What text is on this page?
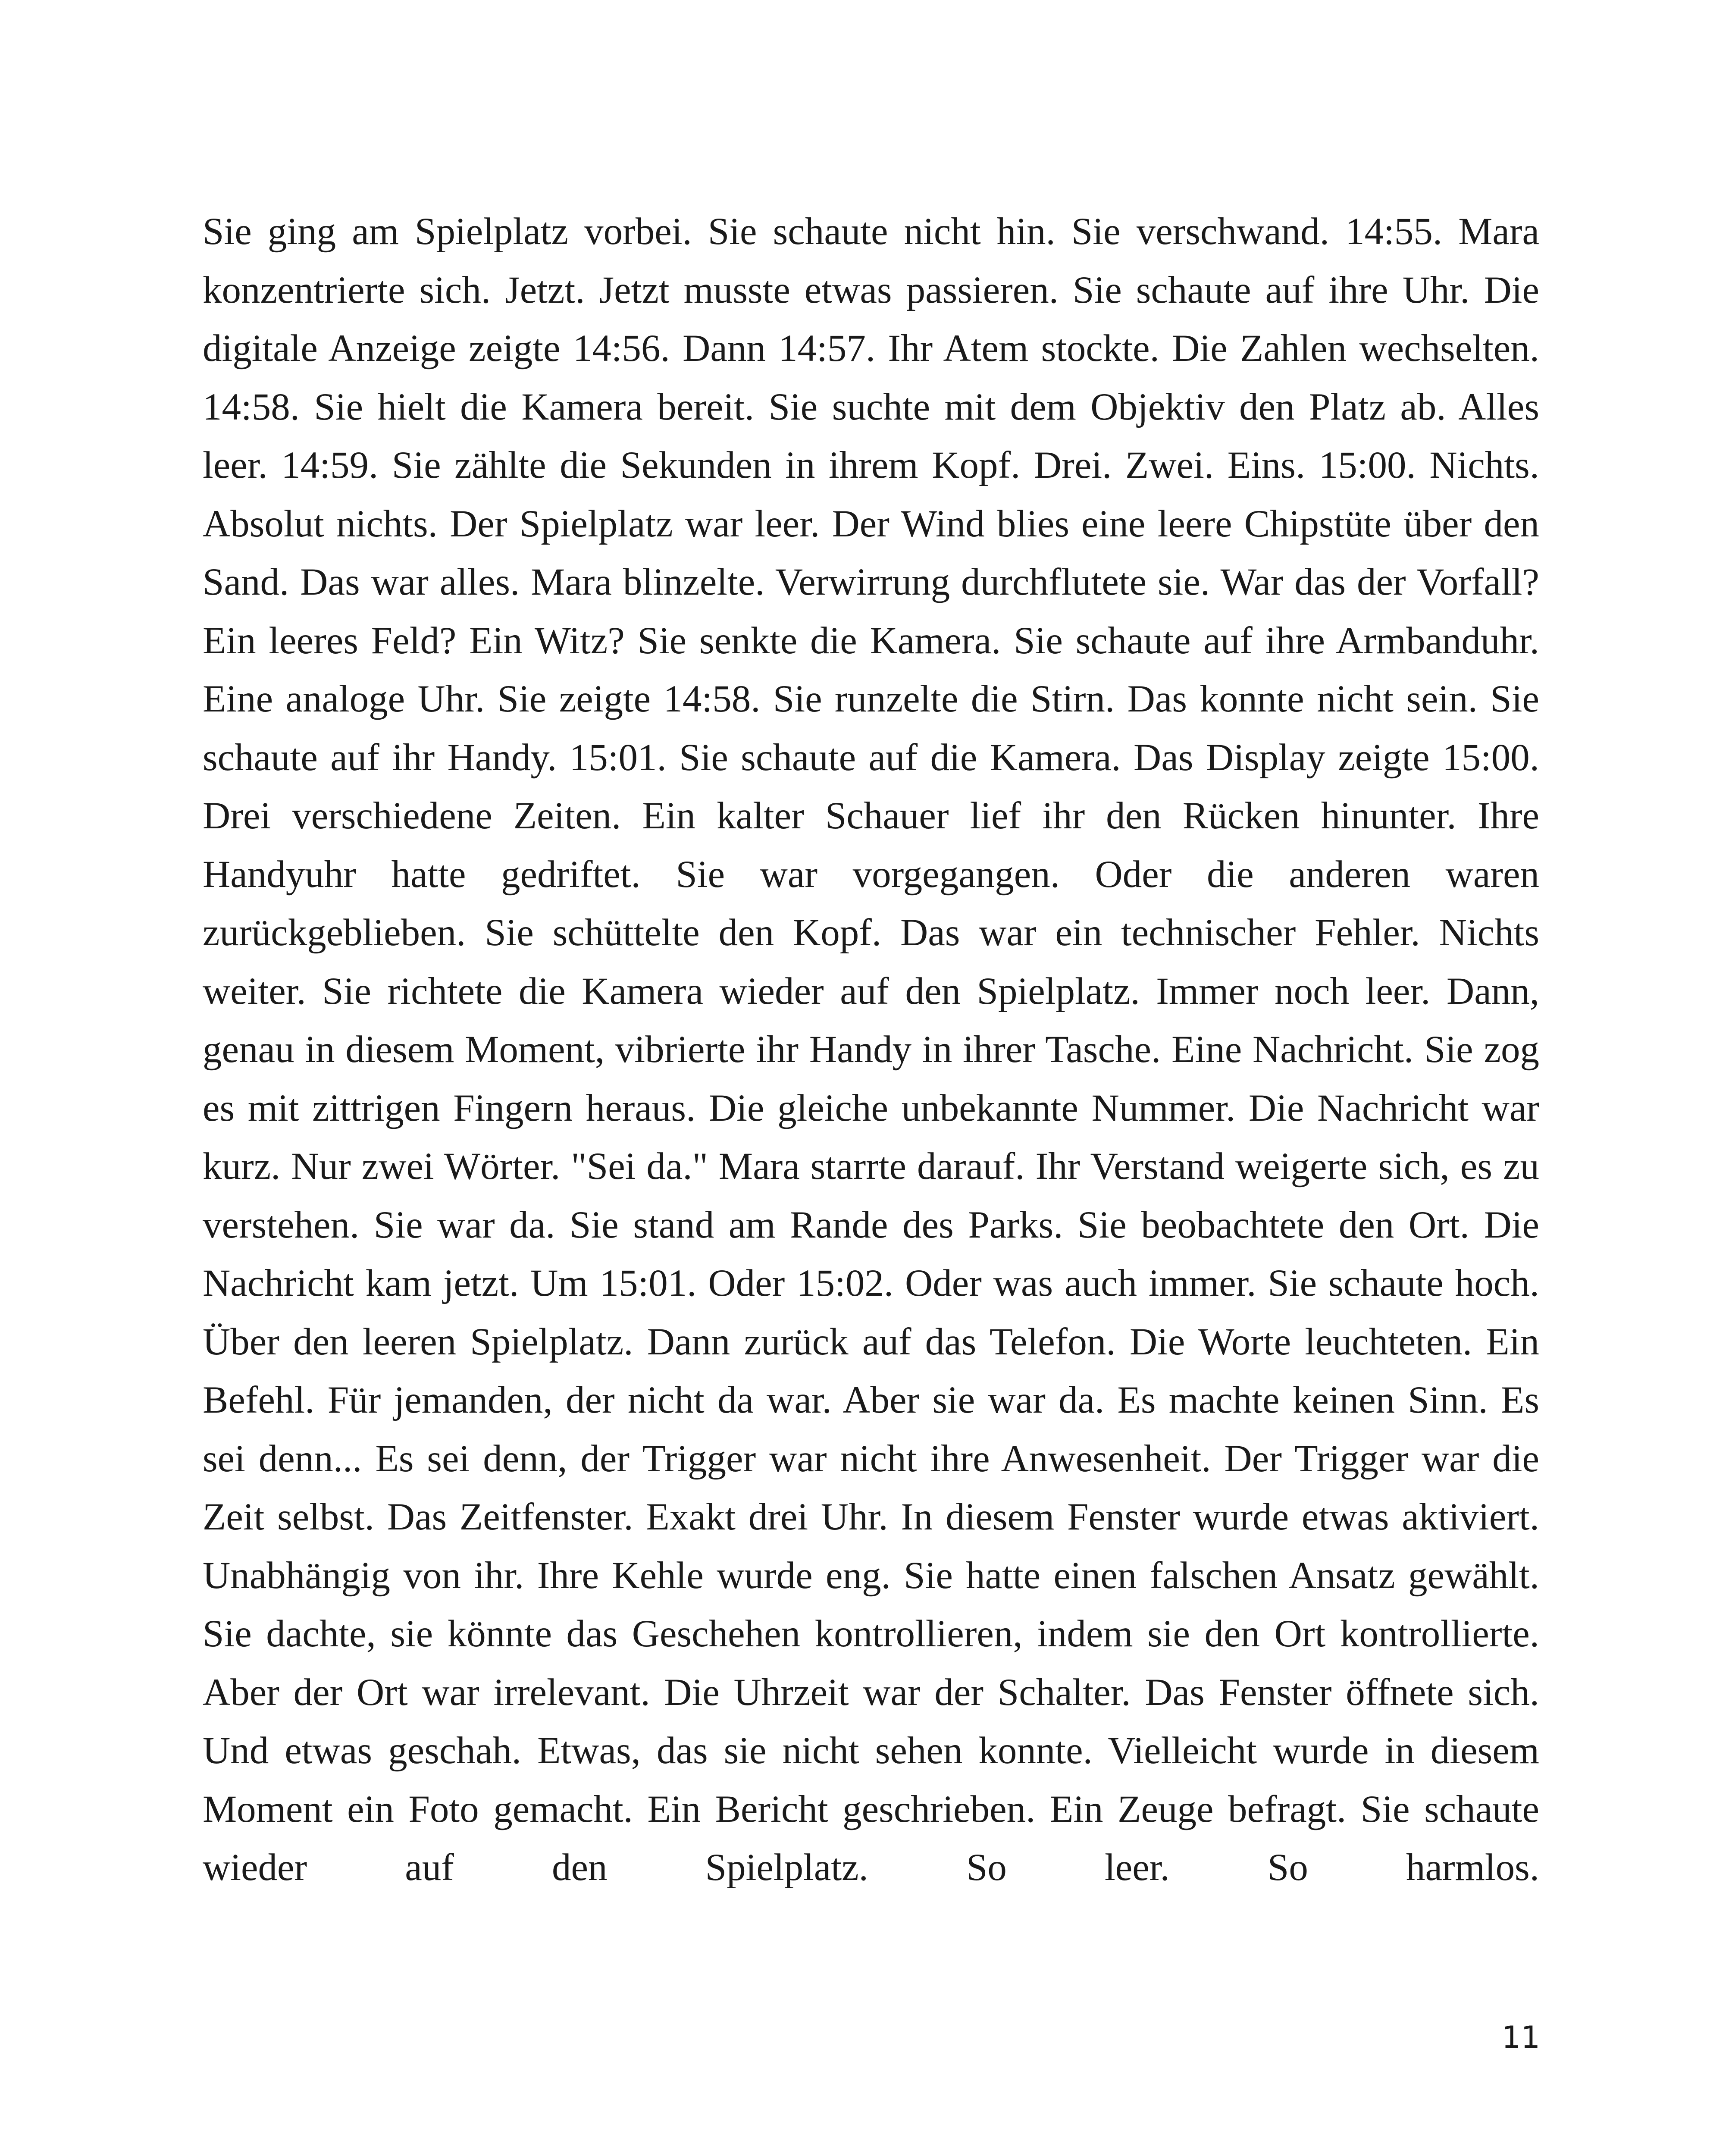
Sie ging am Spielplatz vorbei. Sie schaute nicht hin. Sie verschwand. 14:55. Mara konzentrierte sich. Jetzt. Jetzt musste etwas passieren. Sie schaute auf ihre Uhr. Die digitale Anzeige zeigte 14:56. Dann 14:57. Ihr Atem stockte. Die Zahlen wechselten. 14:58. Sie hielt die Kamera bereit. Sie suchte mit dem Objektiv den Platz ab. Alles leer. 14:59. Sie zählte die Sekunden in ihrem Kopf. Drei. Zwei. Eins. 15:00. Nichts. Absolut nichts. Der Spielplatz war leer. Der Wind blies eine leere Chipstüte über den Sand. Das war alles. Mara blinzelte. Verwirrung durchflutete sie. War das der Vorfall? Ein leeres Feld? Ein Witz? Sie senkte die Kamera. Sie schaute auf ihre Armbanduhr. Eine analoge Uhr. Sie zeigte 14:58. Sie runzelte die Stirn. Das konnte nicht sein. Sie schaute auf ihr Handy. 15:01. Sie schaute auf die Kamera. Das Display zeigte 15:00. Drei verschiedene Zeiten. Ein kalter Schauer lief ihr den Rücken hinunter. Ihre Handyuhr hatte gedriftet. Sie war vorgegangen. Oder die anderen waren zurückgeblieben. Sie schüttelte den Kopf. Das war ein technischer Fehler. Nichts weiter. Sie richtete die Kamera wieder auf den Spielplatz. Immer noch leer. Dann, genau in diesem Moment, vibrierte ihr Handy in ihrer Tasche. Eine Nachricht. Sie zog es mit zittrigen Fingern heraus. Die gleiche unbekannte Nummer. Die Nachricht war kurz. Nur zwei Wörter. "Sei da." Mara starrte darauf. Ihr Verstand weigerte sich, es zu verstehen. Sie war da. Sie stand am Rande des Parks. Sie beobachtete den Ort. Die Nachricht kam jetzt. Um 15:01. Oder 15:02. Oder was auch immer. Sie schaute hoch. Über den leeren Spielplatz. Dann zurück auf das Telefon. Die Worte leuchteten. Ein Befehl. Für jemanden, der nicht da war. Aber sie war da. Es machte keinen Sinn. Es sei denn... Es sei denn, der Trigger war nicht ihre Anwesenheit. Der Trigger war die Zeit selbst. Das Zeitfenster. Exakt drei Uhr. In diesem Fenster wurde etwas aktiviert. Unabhängig von ihr. Ihre Kehle wurde eng. Sie hatte einen falschen Ansatz gewählt. Sie dachte, sie könnte das Geschehen kontrollieren, indem sie den Ort kontrollierte. Aber der Ort war irrelevant. Die Uhrzeit war der Schalter. Das Fenster öffnete sich. Und etwas geschah. Etwas, das sie nicht sehen konnte. Vielleicht wurde in diesem Moment ein Foto gemacht. Ein Bericht geschrieben. Ein Zeuge befragt. Sie schaute wieder auf den Spielplatz. So leer. So harmlos.

11
